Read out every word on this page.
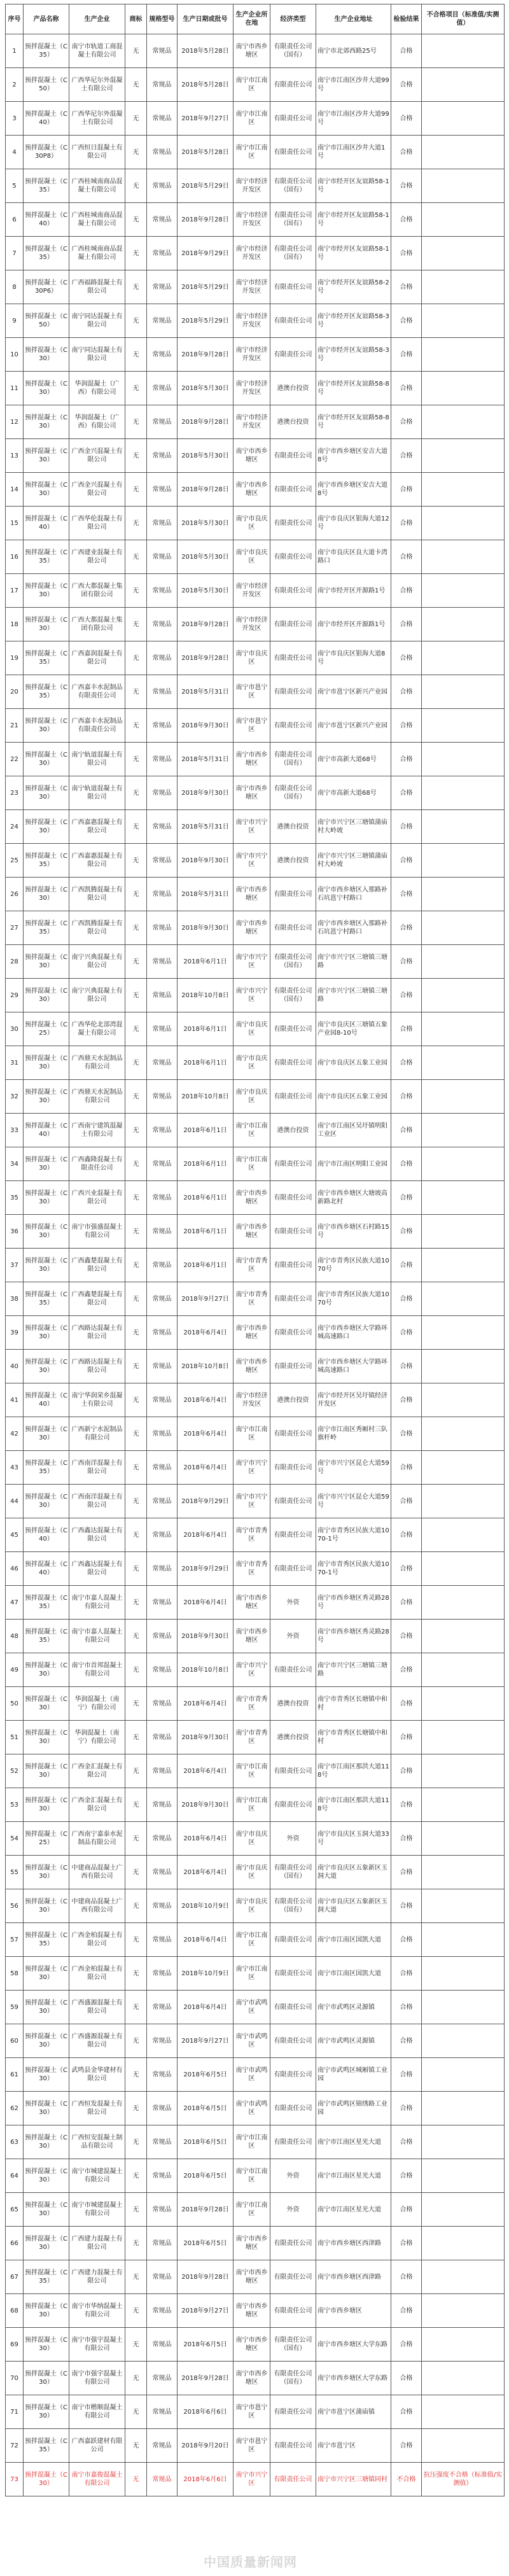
序号	产品名称	生产企业	商标	规格型号	生产日期或批号	生产企业所在地	经济类型	生产企业地址	检验结果	不合格项目（标准值/实测值）
1	预拌混凝土（C35）	南宁市轨道工商混凝土有限公司	无	常规品	2018年5月28日	南宁市西乡塘区	有限责任公司（国有）	南宁市北郊西路25号	合格	
2	预拌混凝土（C50）	广西华尼尔外混凝土有限公司	无	常规品	2018年5月28日	南宁市江南区	有限责任公司	南宁市江南区沙井大道99号	合格	
3	预拌混凝土（C40）	广西华尼尔外混凝土有限公司	无	常规品	2018年9月27日	南宁市江南区	有限责任公司	南宁市江南区沙井大道99号	合格	
4	预拌混凝土（C30P8）	广西恒日混凝土有限公司	无	常规品	2018年5月28日	南宁市江南区	有限责任公司	南宁市江南区沙井大道1号	合格	
5	预拌混凝土（C35）	广西桂城南商品混凝土有限公司	无	常规品	2018年5月29日	南宁市经济开发区	有限责任公司（国有）	南宁市经开区友谊路58-1号	合格	
6	预拌混凝土（C40）	广西桂城南商品混凝土有限公司	无	常规品	2018年9月28日	南宁市经济开发区	有限责任公司（国有）	南宁市经开区友谊路58-1号	合格	
7	预拌混凝土（C35）	广西桂城南商品混凝土有限公司	无	常规品	2018年9月29日	南宁市经济开发区	有限责任公司（国有）	南宁市经开区友谊路58-1号	合格	
8	预拌混凝土（C30P6）	广西福路混凝土有限公司	无	常规品	2018年5月29日	南宁市经济开发区	有限责任公司	南宁市经开区友谊路58-2号	合格	
9	预拌混凝土（C50）	南宁同达混凝土有限公司	无	常规品	2018年5月29日	南宁市经济开发区	有限责任公司	南宁市经开区友谊路58-3号	合格	
10	预拌混凝土（C30）	南宁同达混凝土有限公司	无	常规品	2018年9月28日	南宁市经济开发区	有限责任公司	南宁市经开区友谊路58-3号	合格	
11	预拌混凝土（C30）	华润混凝土（广西）有限公司	无	常规品	2018年5月30日	南宁市经济开发区	港澳台投资	南宁市经开区友谊路58-8号	合格	
12	预拌混凝土（C30）	华润混凝土（广西）有限公司	无	常规品	2018年9月28日	南宁市经济开发区	港澳台投资	南宁市经开区友谊路58-8号	合格	
13	预拌混凝土（C30）	广西金兴混凝土有限公司	无	常规品	2018年5月30日	南宁市西乡塘区	有限责任公司	南宁市西乡塘区安吉大道8号	合格	
14	预拌混凝土（C30）	广西金兴混凝土有限公司	无	常规品	2018年9月28日	南宁市西乡塘区	有限责任公司	南宁市西乡塘区安吉大道8号	合格	
15	预拌混凝土（C40）	广西华伦混凝土有限公司	无	常规品	2018年5月30日	南宁市良庆区	有限责任公司	南宁市良庆区银海大道12号	合格	
16	预拌混凝土（C35）	广西建业混凝土有限公司	无	常规品	2018年5月30日	南宁市良庆区	有限责任公司	南宁市良庆区良大道卡湾路口	合格	
17	预拌混凝土（C30）	广西大都混凝土集团有限公司	无	常规品	2018年5月30日	南宁市经济开发区	有限责任公司	南宁市经开区开源路1号	合格	
18	预拌混凝土（C30）	广西大都混凝土集团有限公司	无	常规品	2018年9月28日	南宁市经济开发区	有限责任公司	南宁市经开区开源路1号	合格	
19	预拌混凝土（C35）	广西嘉润混凝土有限公司	无	常规品	2018年9月28日	南宁市良庆区	有限责任公司	南宁市良庆区银海大道8号	合格	
20	预拌混凝土（C35）	广西嘉丰水泥制品有限责任公司	无	常规品	2018年5月31日	南宁市邕宁区	有限责任公司	南宁市邕宁区新兴产业园	合格	
21	预拌混凝土（C30）	广西嘉丰水泥制品有限责任公司	无	常规品	2018年9月30日	南宁市邕宁区	有限责任公司	南宁市邕宁区新兴产业园	合格	
22	预拌混凝土（C30）	南宁轨道混凝土有限公司	无	常规品	2018年5月31日	南宁市西乡塘区	有限责任公司（国有）	南宁市高新大道68号	合格	
23	预拌混凝土（C30）	南宁轨道混凝土有限公司	无	常规品	2018年9月30日	南宁市西乡塘区	有限责任公司（国有）	南宁市高新大道68号	合格	
24	预拌混凝土（C30）	广西嘉惠混凝土有限公司	无	常规品	2018年5月31日	南宁市兴宁区	港澳台投资	南宁市兴宁区三塘镇蒲庙村大岭坡	合格	
25	预拌混凝土（C35）	广西嘉惠混凝土有限公司	无	常规品	2018年9月30日	南宁市兴宁区	港澳台投资	南宁市兴宁区三塘镇蒲庙村大岭坡	合格	
26	预拌混凝土（C30）	广西凯腾混凝土有限公司	无	常规品	2018年5月31日	南宁市西乡塘区	有限责任公司	南宁市西乡塘区入那路补石坑邕宁村路口	合格	
27	预拌混凝土（C35）	广西凯腾混凝土有限公司	无	常规品	2018年9月30日	南宁市西乡塘区	有限责任公司	南宁市西乡塘区入那路补石坑邕宁村路口	合格	
28	预拌混凝土（C30）	南宁兴典混凝土有限公司	无	常规品	2018年6月1日	南宁市兴宁区	有限责任公司（国有）	南宁市兴宁区三塘镇三塘路	合格	
29	预拌混凝土（C30）	南宁兴典混凝土有限公司	无	常规品	2018年10月8日	南宁市兴宁区	有限责任公司（国有）	南宁市兴宁区三塘镇三塘路	合格	
30	预拌混凝土（C25）	广西华伦北部湾混凝土有限公司	无	常规品	2018年6月1日	南宁市良庆区	有限责任公司	南宁市良庆区三塘镇五象产业园8-10号	合格	
31	预拌混凝土（C30）	广西鼎天水泥制品有限公司	无	常规品	2018年6月1日	南宁市良庆区	有限责任公司	南宁市良庆区五象工业园	合格	
32	预拌混凝土（C30）	广西鼎天水泥制品有限公司	无	常规品	2018年10月8日	南宁市良庆区	有限责任公司	南宁市良庆区五象工业园	合格	
33	预拌混凝土（C40）	广西南宁建筑混凝土有限公司	无	常规品	2018年6月1日	南宁市江南区	港澳台投资	南宁市江南区吴圩镇明阳工业区	合格	
34	预拌混凝土（C30）	广西鑫隆混凝土有限责任公司	无	常规品	2018年6月1日	南宁市江南区	有限责任公司	南宁市江南区明阳工业园	合格	
35	预拌混凝土（C30）	广西兴业混凝土有限公司	无	常规品	2018年6月1日	南宁市西乡塘区	有限责任公司	南宁市西乡塘区大塘坡高新路北村	合格	
36	预拌混凝土（C30）	南宁市强盛混凝土有限公司	无	常规品	2018年6月1日	南宁市西乡塘区	有限责任公司	南宁市西乡塘区石村路15号	合格	
37	预拌混凝土（C30）	广西鑫楚混凝土有限公司	无	常规品	2018年6月1日	南宁市青秀区	有限责任公司	南宁市青秀区民族大道1070号	合格	
38	预拌混凝土（C35）	广西鑫楚混凝土有限公司	无	常规品	2018年9月27日	南宁市青秀区	有限责任公司	南宁市青秀区民族大道1070号	合格	
39	预拌混凝土（C30）	广西路达混凝土有限公司	无	常规品	2018年6月4日	南宁市西乡塘区	有限责任公司	南宁市西乡塘区大学路环城高速路口	合格	
40	预拌混凝土（C30）	广西路达混凝土有限公司	无	常规品	2018年10月8日	南宁市西乡塘区	有限责任公司	南宁市西乡塘区大学路环城高速路口	合格	
41	预拌混凝土（C40）	南宁华润荣乡混凝土有限公司	无	常规品	2018年6月4日	南宁市经济开发区	港澳台投资	南宁市经开区吴圩镇经济开发区	合格	
42	预拌混凝土（C30）	广西新宁水泥制品有限公司	无	常规品	2018年6月4日	南宁市江南区	有限责任公司	南宁市江南区秀厢村三队旗杆岭	合格	
43	预拌混凝土（C35）	广西南洋混凝土有限公司	无	常规品	2018年6月4日	南宁市兴宁区	有限责任公司	南宁市兴宁区昆仑大道59号	合格	
44	预拌混凝土（C30）	广西南洋混凝土有限公司	无	常规品	2018年9月29日	南宁市兴宁区	有限责任公司	南宁市兴宁区昆仑大道59号	合格	
45	预拌混凝土（C40）	广西鑫达混凝土有限公司	无	常规品	2018年6月4日	南宁市青秀区	有限责任公司	南宁市青秀区民族大道1070-1号	合格	
46	预拌混凝土（C40）	广西鑫达混凝土有限公司	无	常规品	2018年9月29日	南宁市青秀区	有限责任公司	南宁市青秀区民族大道1070-1号	合格	
47	预拌混凝土（C35）	南宁市嘉人混凝土有限公司	无	常规品	2018年6月4日	南宁市西乡塘区	外资	南宁市西乡塘区秀灵路28号	合格	
48	预拌混凝土（C35）	南宁市嘉人混凝土有限公司	无	常规品	2018年9月30日	南宁市西乡塘区	外资	南宁市西乡塘区秀灵路28号	合格	
49	预拌混凝土（C30）	南宁市首邦混凝土有限公司	无	常规品	2018年10月8日	南宁市兴宁区	有限责任公司	南宁市兴宁区三塘镇三塘路	合格	
50	预拌混凝土（C30）	华润混凝土（南宁）有限公司	无	常规品	2018年6月4日	南宁市青秀区	港澳台投资	南宁市青秀区长塘镇中和村	合格	
51	预拌混凝土（C30）	华润混凝土（南宁）有限公司	无	常规品	2018年9月30日	南宁市青秀区	港澳台投资	南宁市青秀区长塘镇中和村	合格	
52	预拌混凝土（C30）	广西金汇混凝土有限公司	无	常规品	2018年6月4日	南宁市江南区	有限责任公司	南宁市江南区那洪大道118号	合格	
53	预拌混凝土（C30）	广西金汇混凝土有限公司	无	常规品	2018年9月30日	南宁市江南区	有限责任公司	南宁市江南区那洪大道118号	合格	
54	预拌混凝土（C25）	广西南宁嘉泰水泥制品有限公司	无	常规品	2018年6月4日	南宁市良庆区	外资	南宁市良庆区玉洞大道33号	合格	
55	预拌混凝土（C30）	中建商品混凝土广西有限公司	无	常规品	2018年6月4日	南宁市良庆区	有限责任公司（国有）	南宁市良庆区五象新区玉洞大道	合格	
56	预拌混凝土（C30）	中建商品混凝土广西有限公司	无	常规品	2018年10月9日	南宁市良庆区	有限责任公司（国有）	南宁市良庆区五象新区玉洞大道	合格	
57	预拌混凝土（C35）	广西金柏混凝土有限公司	无	常规品	2018年6月4日	南宁市江南区	有限责任公司	南宁市江南区国凯大道	合格	
58	预拌混凝土（C30）	广西金柏混凝土有限公司	无	常规品	2018年10月9日	南宁市江南区	有限责任公司	南宁市江南区国凯大道	合格	
59	预拌混凝土（C30）	广西盛源混凝土有限公司	无	常规品	2018年6月4日	南宁市武鸣区	有限责任公司	南宁市武鸣区灵源镇	合格	
60	预拌混凝土（C30）	广西盛源混凝土有限公司	无	常规品	2018年9月27日	南宁市武鸣区	有限责任公司	南宁市武鸣区灵源镇	合格	
61	预拌混凝土（C30）	武鸣县金华建材有限公司	无	常规品	2018年6月5日	南宁市武鸣区	有限责任公司	南宁市武鸣区城厢镇工业园	合格	
62	预拌混凝土（C30）	广西恒发混凝土有限公司	无	常规品	2018年6月5日	南宁市武鸣区	有限责任公司	南宁市武鸣区锦绣路工业园	合格	
63	预拌混凝土（C30）	广西恒安混凝土制品有限公司	无	常规品	2018年6月5日	南宁市江南区	有限责任公司	南宁市江南区星光大道	合格	
64	预拌混凝土（C30）	南宁市城建混凝土有限公司	无	常规品	2018年6月5日	南宁市江南区	外资	南宁市江南区星光大道	合格	
65	预拌混凝土（C30）	南宁市城建混凝土有限公司	无	常规品	2018年9月28日	南宁市江南区	外资	南宁市江南区星光大道	合格	
66	预拌混凝土（C30）	广西建力混凝土有限公司	无	常规品	2018年6月5日	南宁市西乡塘区	有限责任公司	南宁市西乡塘区西津路	合格	
67	预拌混凝土（C35）	广西建力混凝土有限公司	无	常规品	2018年9月28日	南宁市西乡塘区	有限责任公司	南宁市西乡塘区西津路	合格	
68	预拌混凝土（C30）	南宁市华纳混凝土有限公司	无	常规品	2018年9月27日	南宁市西乡塘区	有限责任公司	南宁市西乡塘区	合格	
69	预拌混凝土（C30）	南宁市强宇混凝土有限公司	无	常规品	2018年6月5日	南宁市西乡塘区	有限责任公司（国有）	南宁市西乡塘区大学东路	合格	
70	预拌混凝土（C30）	南宁市强宇混凝土有限公司	无	常规品	2018年9月28日	南宁市西乡塘区	有限责任公司（国有）	南宁市西乡塘区大学东路	合格	
71	预拌混凝土（C30）	南宁市楷顺混凝土有限公司	无	常规品	2018年6月6日	南宁市邕宁区	有限责任公司	南宁市邕宁区蒲庙镇	合格	
72	预拌混凝土（C35）	广西嘉跃建材有限公司	无	常规品	2018年9月20日	南宁市邕宁区	有限责任公司	南宁市邕宁区	合格	
73	预拌混凝土（C30）	南宁市嘉俊混凝土有限公司	无	常规品	2018年6月6日	南宁市兴宁区	有限责任公司	南宁市兴宁区三塘镇同村	不合格	抗压强度不合格（标准值/实测值）
中国质量新闻网
